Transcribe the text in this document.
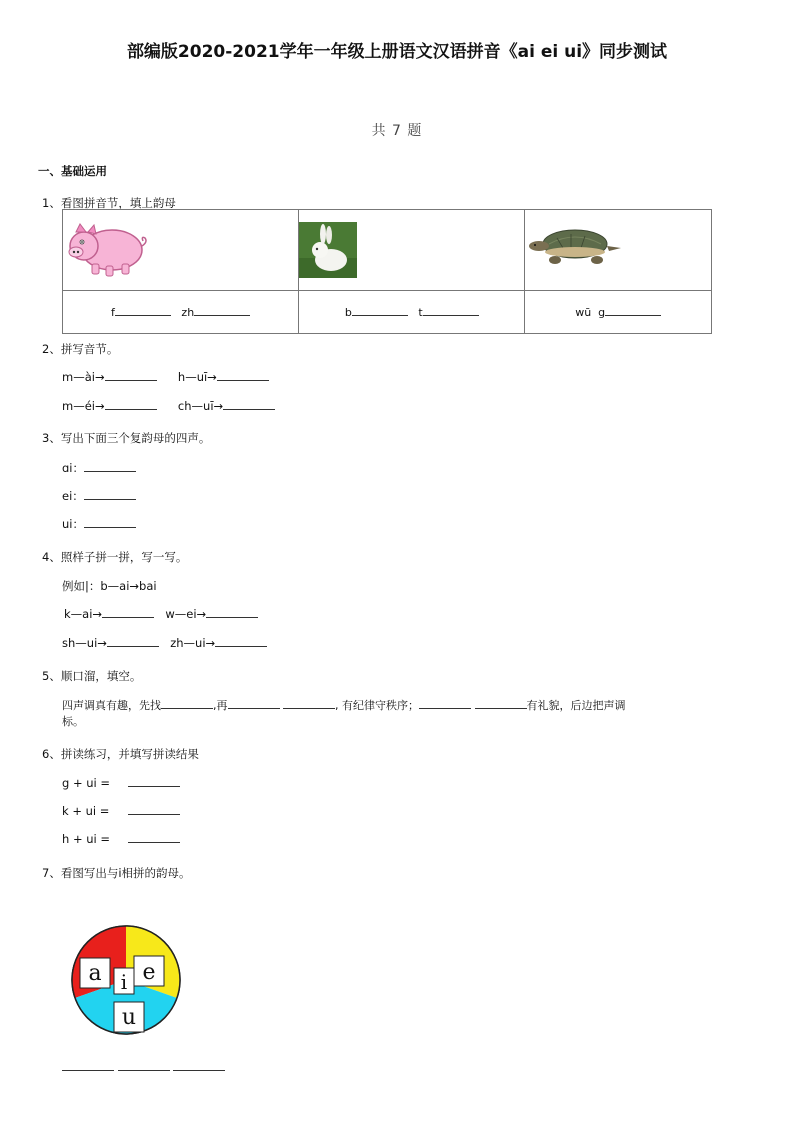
部编版2020-2021学年一年级上册语文汉语拼音《ai ei ui》同步测试
共 7 题
一、基础运用
1、看图拼音节，填上韵母

f zh	b t	wū  g
2、拼写音节。
m—ài→	h—uī→
m—éi→	ch—uī→
3、写出下面三个复韵母的四声。
ɑi：
ei：
ui：
4、照样子拼一拼，写一写。
例如|：b—ai→bai
k—ai→	w—ei→
sh—ui→	zh—ui→
5、顺口溜，填空。
四声调真有趣，先找	,再	, 有纪律守秩序；	有礼貌，后边把声调
标。
6、拼读练习，并填写拼读结果
g + ui =
k + ui =
h + ui =
7、看图写出与i相拼的韵母。
a e
i
u
